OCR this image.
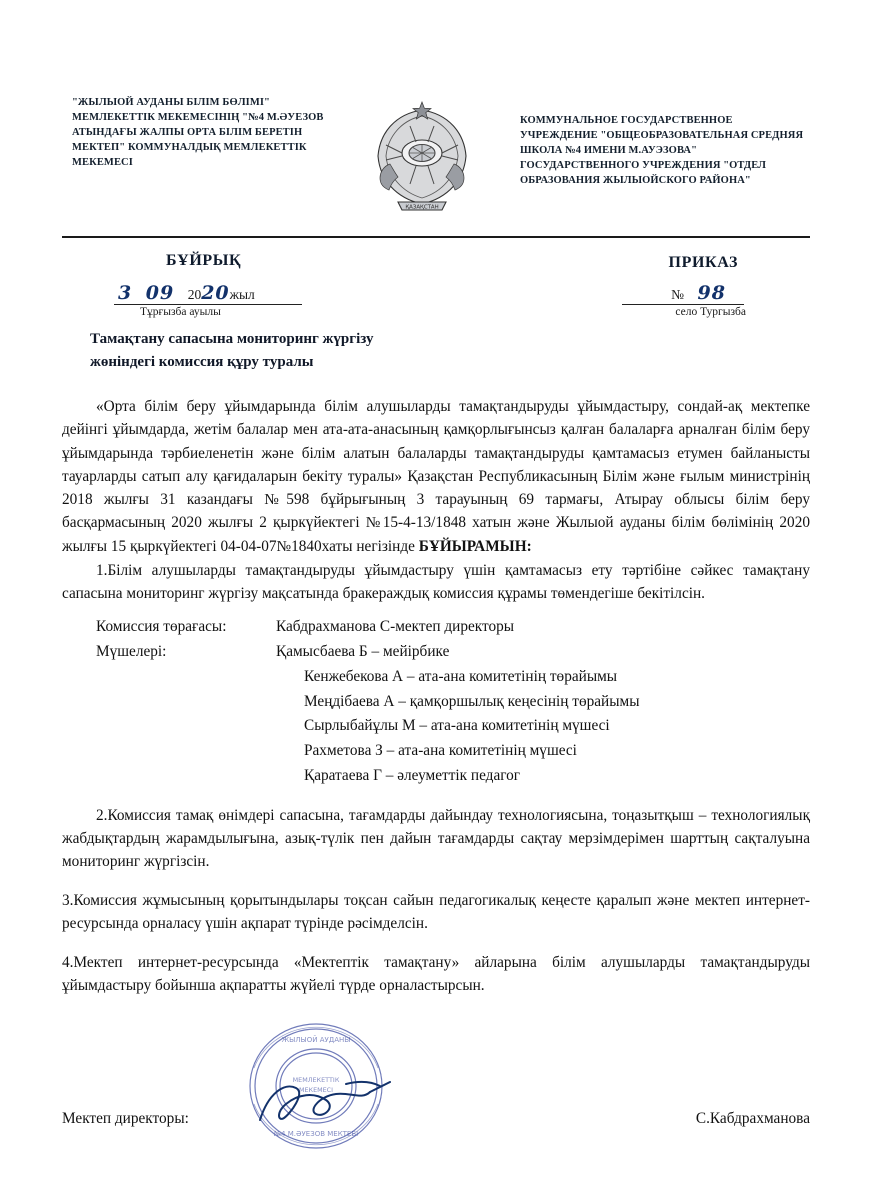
"ЖЫЛЫОЙ АУДАНЫ БІЛІМ БӨЛІМІ" МЕМЛЕКЕТТІК МЕКЕМЕСІНІҢ "№4 М.ӘУЕЗОВ АТЫНДАҒЫ ЖАЛПЫ ОРТА БІЛІМ БЕРЕТІН МЕКТЕП" КОММУНАЛДЫҚ МЕМЛЕКЕТТІК МЕКЕМЕСІ
ҚАЗАҚСТАН
КОММУНАЛЬНОЕ ГОСУДАРСТВЕННОЕ УЧРЕЖДЕНИЕ "ОБЩЕОБРАЗОВАТЕЛЬНАЯ СРЕДНЯЯ ШКОЛА №4 ИМЕНИ М.АУЭЗОВА" ГОСУДАРСТВЕННОГО УЧРЕЖДЕНИЯ "ОТДЕЛ ОБРАЗОВАНИЯ ЖЫЛЫОЙСКОГО РАЙОНА"
БҰЙРЫҚ	ПРИКАЗ
3 09 2020жыл
Тұрғызба ауылы
№ 98
село Тургызба
Тамақтану сапасына мониторинг жүргізу
жөніндегі комиссия құру туралы

«Орта білім беру ұйымдарында білім алушыларды тамақтандыруды ұйымдастыру, сондай-ақ мектепке дейінгі ұйымдарда, жетім балалар мен ата-ата-анасының қамқорлығынсыз қалған балаларға арналған білім беру ұйымдарында тәрбиеленетін және білім алатын балаларды тамақтандыруды қамтамасыз етумен байланысты тауарларды сатып алу қағидаларын бекіту туралы» Қазақстан Республикасының Білім және ғылым министрінің 2018 жылғы 31 казандағы №598 бұйрығының 3 тарауының 69 тармағы, Атырау облысы білім беру басқармасының 2020 жылғы 2 қыркүйектегі №15-4-13/1848 хатын және Жылыой ауданы білім бөлімінің 2020 жылғы 15 қыркүйектегі 04-04-07№1840хаты негізінде БҰЙЫРАМЫН:

1.Білім алушыларды тамақтандыруды ұйымдастыру үшін қамтамасыз ету тәртібіне сәйкес тамақтану сапасына мониторинг жүргізу мақсатында бракераждық комиссия құрамы төмендегіше бекітілсін.

Комиссия төрағасы:	Кабдрахманова С-мектеп директоры
Мүшелері:	Қамысбаева Б – мейірбике
Кенжебекова А – ата-ана комитетінің төрайымы
Меңдібаева А – қамқоршылық кеңесінің төрайымы
Сырлыбайұлы М – ата-ана комитетінің мүшесі
Рахметова З – ата-ана комитетінің мүшесі
Қаратаева Г – әлеуметтік педагог

2.Комиссия тамақ өнімдері сапасына, тағамдарды дайындау технологиясына, тоңазытқыш – технологиялық жабдықтардың жарамдылығына, азық-түлік пен дайын тағамдарды сақтау мерзімдерімен шарттың сақталуына мониторинг жүргізсін.

3.Комиссия жұмысының қорытындылары тоқсан сайын педагогикалық кеңесте қаралып және мектеп интернет- ресурсында орналасу үшін ақпарат түрінде рәсімделсін.

4.Мектеп интернет-ресурсында «Мектептік тамақтану» айларына білім алушыларды тамақтандыруды ұйымдастыру бойынша ақпаратты жүйелі түрде орналастырсын.

ЖЫЛЫОЙ АУДАНЫ
№4 М.ӘУЕЗОВ МЕКТЕБІ
МЕМЛЕКЕТТІК
МЕКЕМЕСІ
Мектеп директоры:	С.Кабдрахманова
